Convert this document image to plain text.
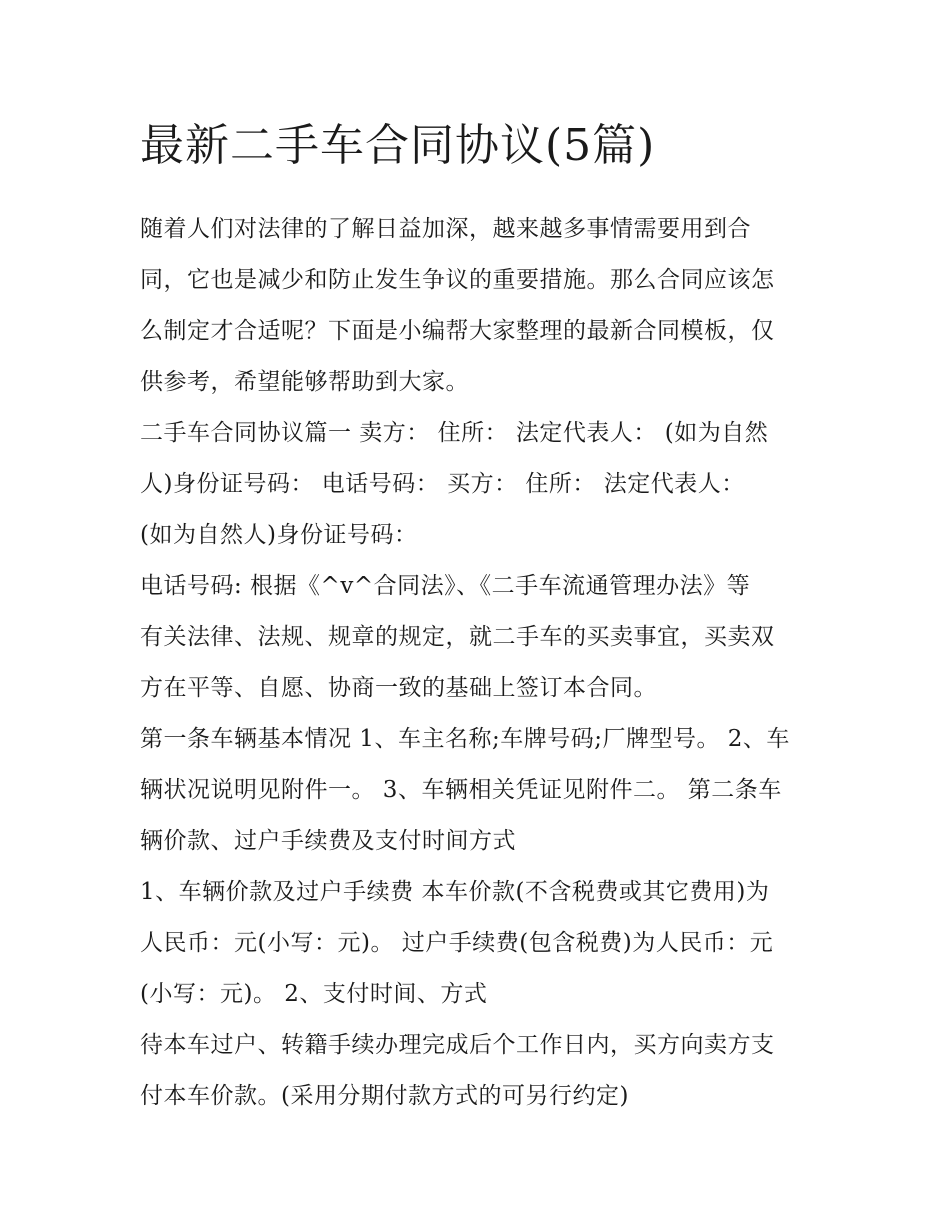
最新二手车合同协议(5篇)
随着人们对法律的了解日益加深，越来越多事情需要用到合
同，它也是减少和防止发生争议的重要措施。那么合同应该怎
么制定才合适呢？下面是小编帮大家整理的最新合同模板，仅
供参考，希望能够帮助到大家。
二手车合同协议篇一 卖方： 住所： 法定代表人： (如为自然
人)身份证号码： 电话号码： 买方： 住所： 法定代表人：
(如为自然人)身份证号码：
电话号码: 根据《^v^合同法》、《二手车流通管理办法》等
有关法律、法规、规章的规定，就二手车的买卖事宜，买卖双
方在平等、自愿、协商一致的基础上签订本合同。
第一条车辆基本情况 1、车主名称;车牌号码;厂牌型号。 2、车
辆状况说明见附件一。 3、车辆相关凭证见附件二。 第二条车
辆价款、过户手续费及支付时间方式
1、车辆价款及过户手续费 本车价款(不含税费或其它费用)为
人民币：元(小写：元)。 过户手续费(包含税费)为人民币：元
(小写：元)。 2、支付时间、方式
待本车过户、转籍手续办理完成后个工作日内，买方向卖方支
付本车价款。(采用分期付款方式的可另行约定)
